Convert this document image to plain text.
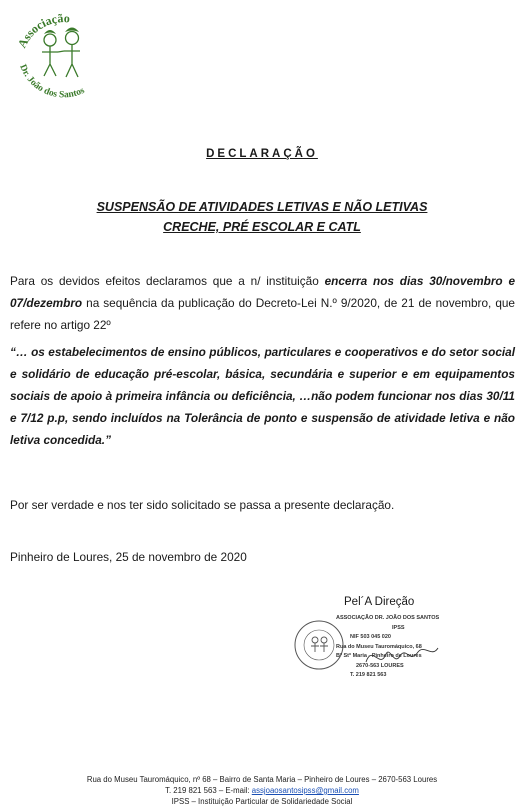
Associação
Dr. João dos Santos
DECLARAÇÃO
SUSPENSÃO DE ATIVIDADES LETIVAS E NÃO LETIVAS
CRECHE, PRÉ ESCOLAR E CATL
Para os devidos efeitos declaramos que a n/ instituição encerra nos dias 30/novembro e 07/dezembro na sequência da publicação do Decreto-Lei N.º 9/2020, de 21 de novembro, que refere no artigo 22º
“… os estabelecimentos de ensino públicos, particulares e cooperativos e do setor social e solidário de educação pré-escolar, básica, secundária e superior e em equipamentos sociais de apoio à primeira infância ou deficiência, …não podem funcionar nos dias 30/11 e 7/12 p.p, sendo incluídos na Tolerância de ponto e suspensão de atividade letiva e não letiva concedida.”
Por ser verdade e nos ter sido solicitado se passa a presente declaração.
Pinheiro de Loures, 25 de novembro de 2020
Pel´A Direção
ASSOCIAÇÃO DR. JOÃO DOS SANTOS
IPSS
NIF 503 045 020
Rua do Museu Tauromáquico, 68
Bº Stª Maria - Pinheiro de Loures
2670-563 LOURES
T. 219 821 563
Rua do Museu Tauromáquico, nº 68 – Bairro de Santa Maria – Pinheiro de Loures – 2670-563 Loures
T. 219 821 563 – E-mail: assjoaosantosipss@gmail.com
IPSS – Instituição Particular de Solidariedade Social
